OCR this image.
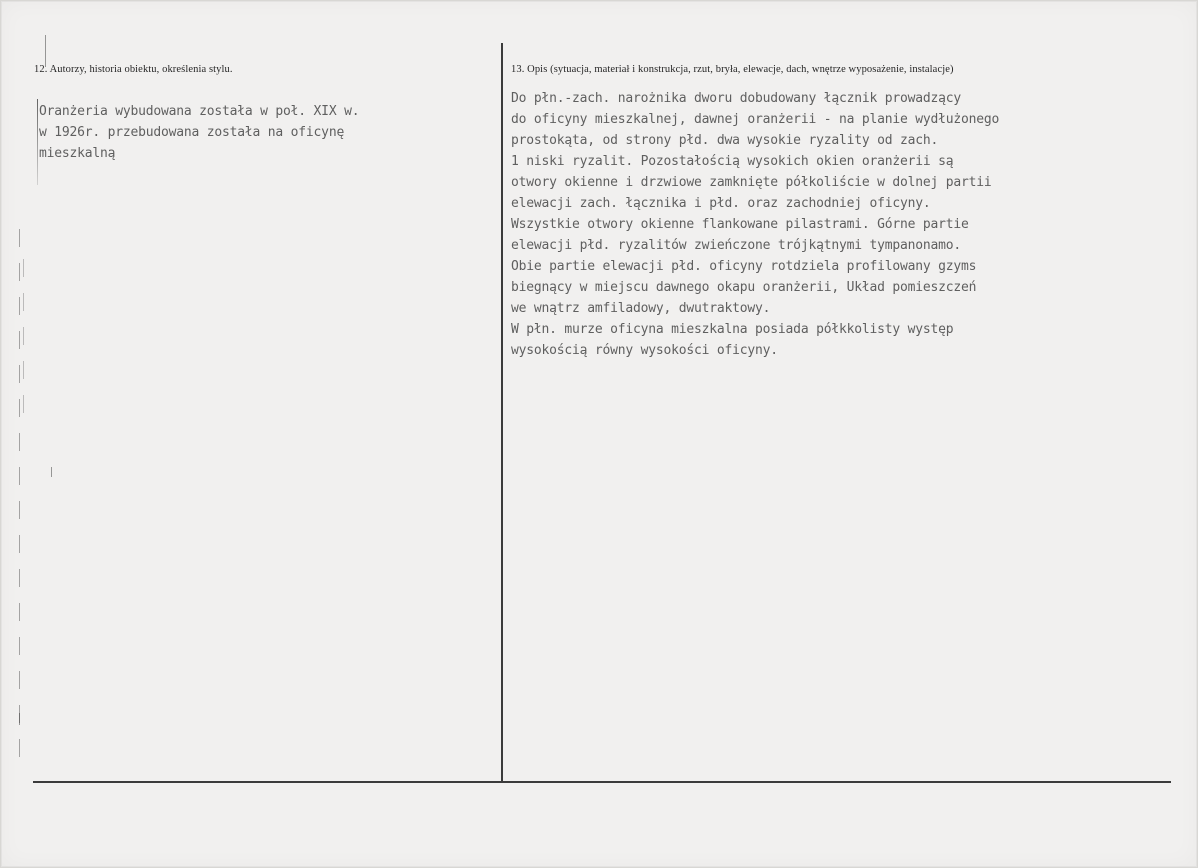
12. Autorzy, historia obiektu, określenia stylu.
Oranżeria wybudowana została w poł. XIX w.
w 1926r. przebudowana została na oficynę
mieszkalną
13. Opis (sytuacja, materiał i konstrukcja, rzut, bryła, elewacje, dach, wnętrze wyposażenie, instalacje)
Do płn.-zach. narożnika dworu dobudowany łącznik prowadzący
do oficyny mieszkalnej, dawnej oranżerii - na planie wydłużonego
prostokąta, od strony płd. dwa wysokie ryzality od zach.
1 niski ryzalit. Pozostałością wysokich okien oranżerii są
otwory okienne i drzwiowe zamknięte półkoliście w dolnej partii
elewacji zach. łącznika i płd. oraz zachodniej oficyny.
Wszystkie otwory okienne flankowane pilastrami. Górne partie
elewacji płd. ryzalitów zwieńczone trójkątnymi tympanonamo.
Obie partie elewacji płd. oficyny rotdziela profilowany gzyms
biegnący w miejscu dawnego okapu oranżerii, Układ pomieszczeń
we wnątrz amfiladowy, dwutraktowy.
W płn. murze oficyna mieszkalna posiada półkkolisty występ
wysokością równy wysokości oficyny.
